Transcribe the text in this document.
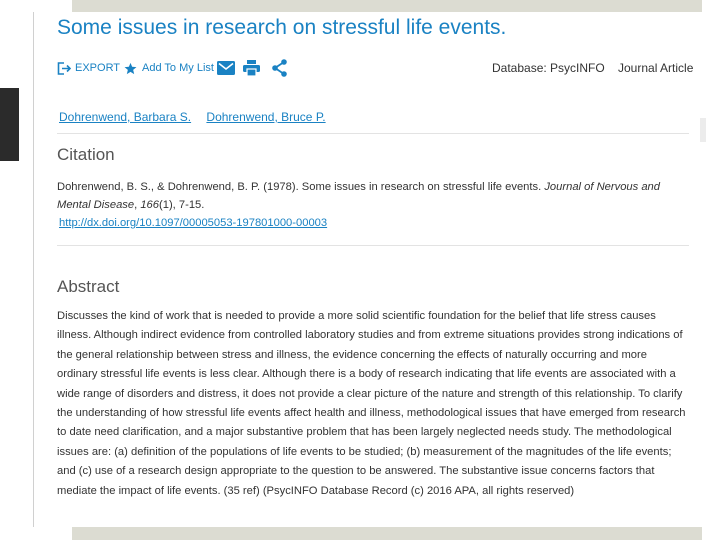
Some issues in research on stressful life events.
EXPORT Add To My List	Database: PsycINFO Journal Article
Dohrenwend, Barbara S. Dohrenwend, Bruce P.
Citation
Dohrenwend, B. S., & Dohrenwend, B. P. (1978). Some issues in research on stressful life events. Journal of Nervous and Mental Disease, 166(1), 7-15.
http://dx.doi.org/10.1097/00005053-197801000-00003
Abstract

Discusses the kind of work that is needed to provide a more solid scientific foundation for the belief that life stress causes illness. Although indirect evidence from controlled laboratory studies and from extreme situations provides strong indications of the general relationship between stress and illness, the evidence concerning the effects of naturally occurring and more ordinary stressful life events is less clear. Although there is a body of research indicating that life events are associated with a wide range of disorders and distress, it does not provide a clear picture of the nature and strength of this relationship. To clarify the understanding of how stressful life events affect health and illness, methodological issues that have emerged from research to date need clarification, and a major substantive problem that has been largely neglected needs study. The methodological issues are: (a) definition of the populations of life events to be studied; (b) measurement of the magnitudes of the life events; and (c) use of a research design appropriate to the question to be answered. The substantive issue concerns factors that mediate the impact of life events. (35 ref) (PsycINFO Database Record (c) 2016 APA, all rights reserved)
